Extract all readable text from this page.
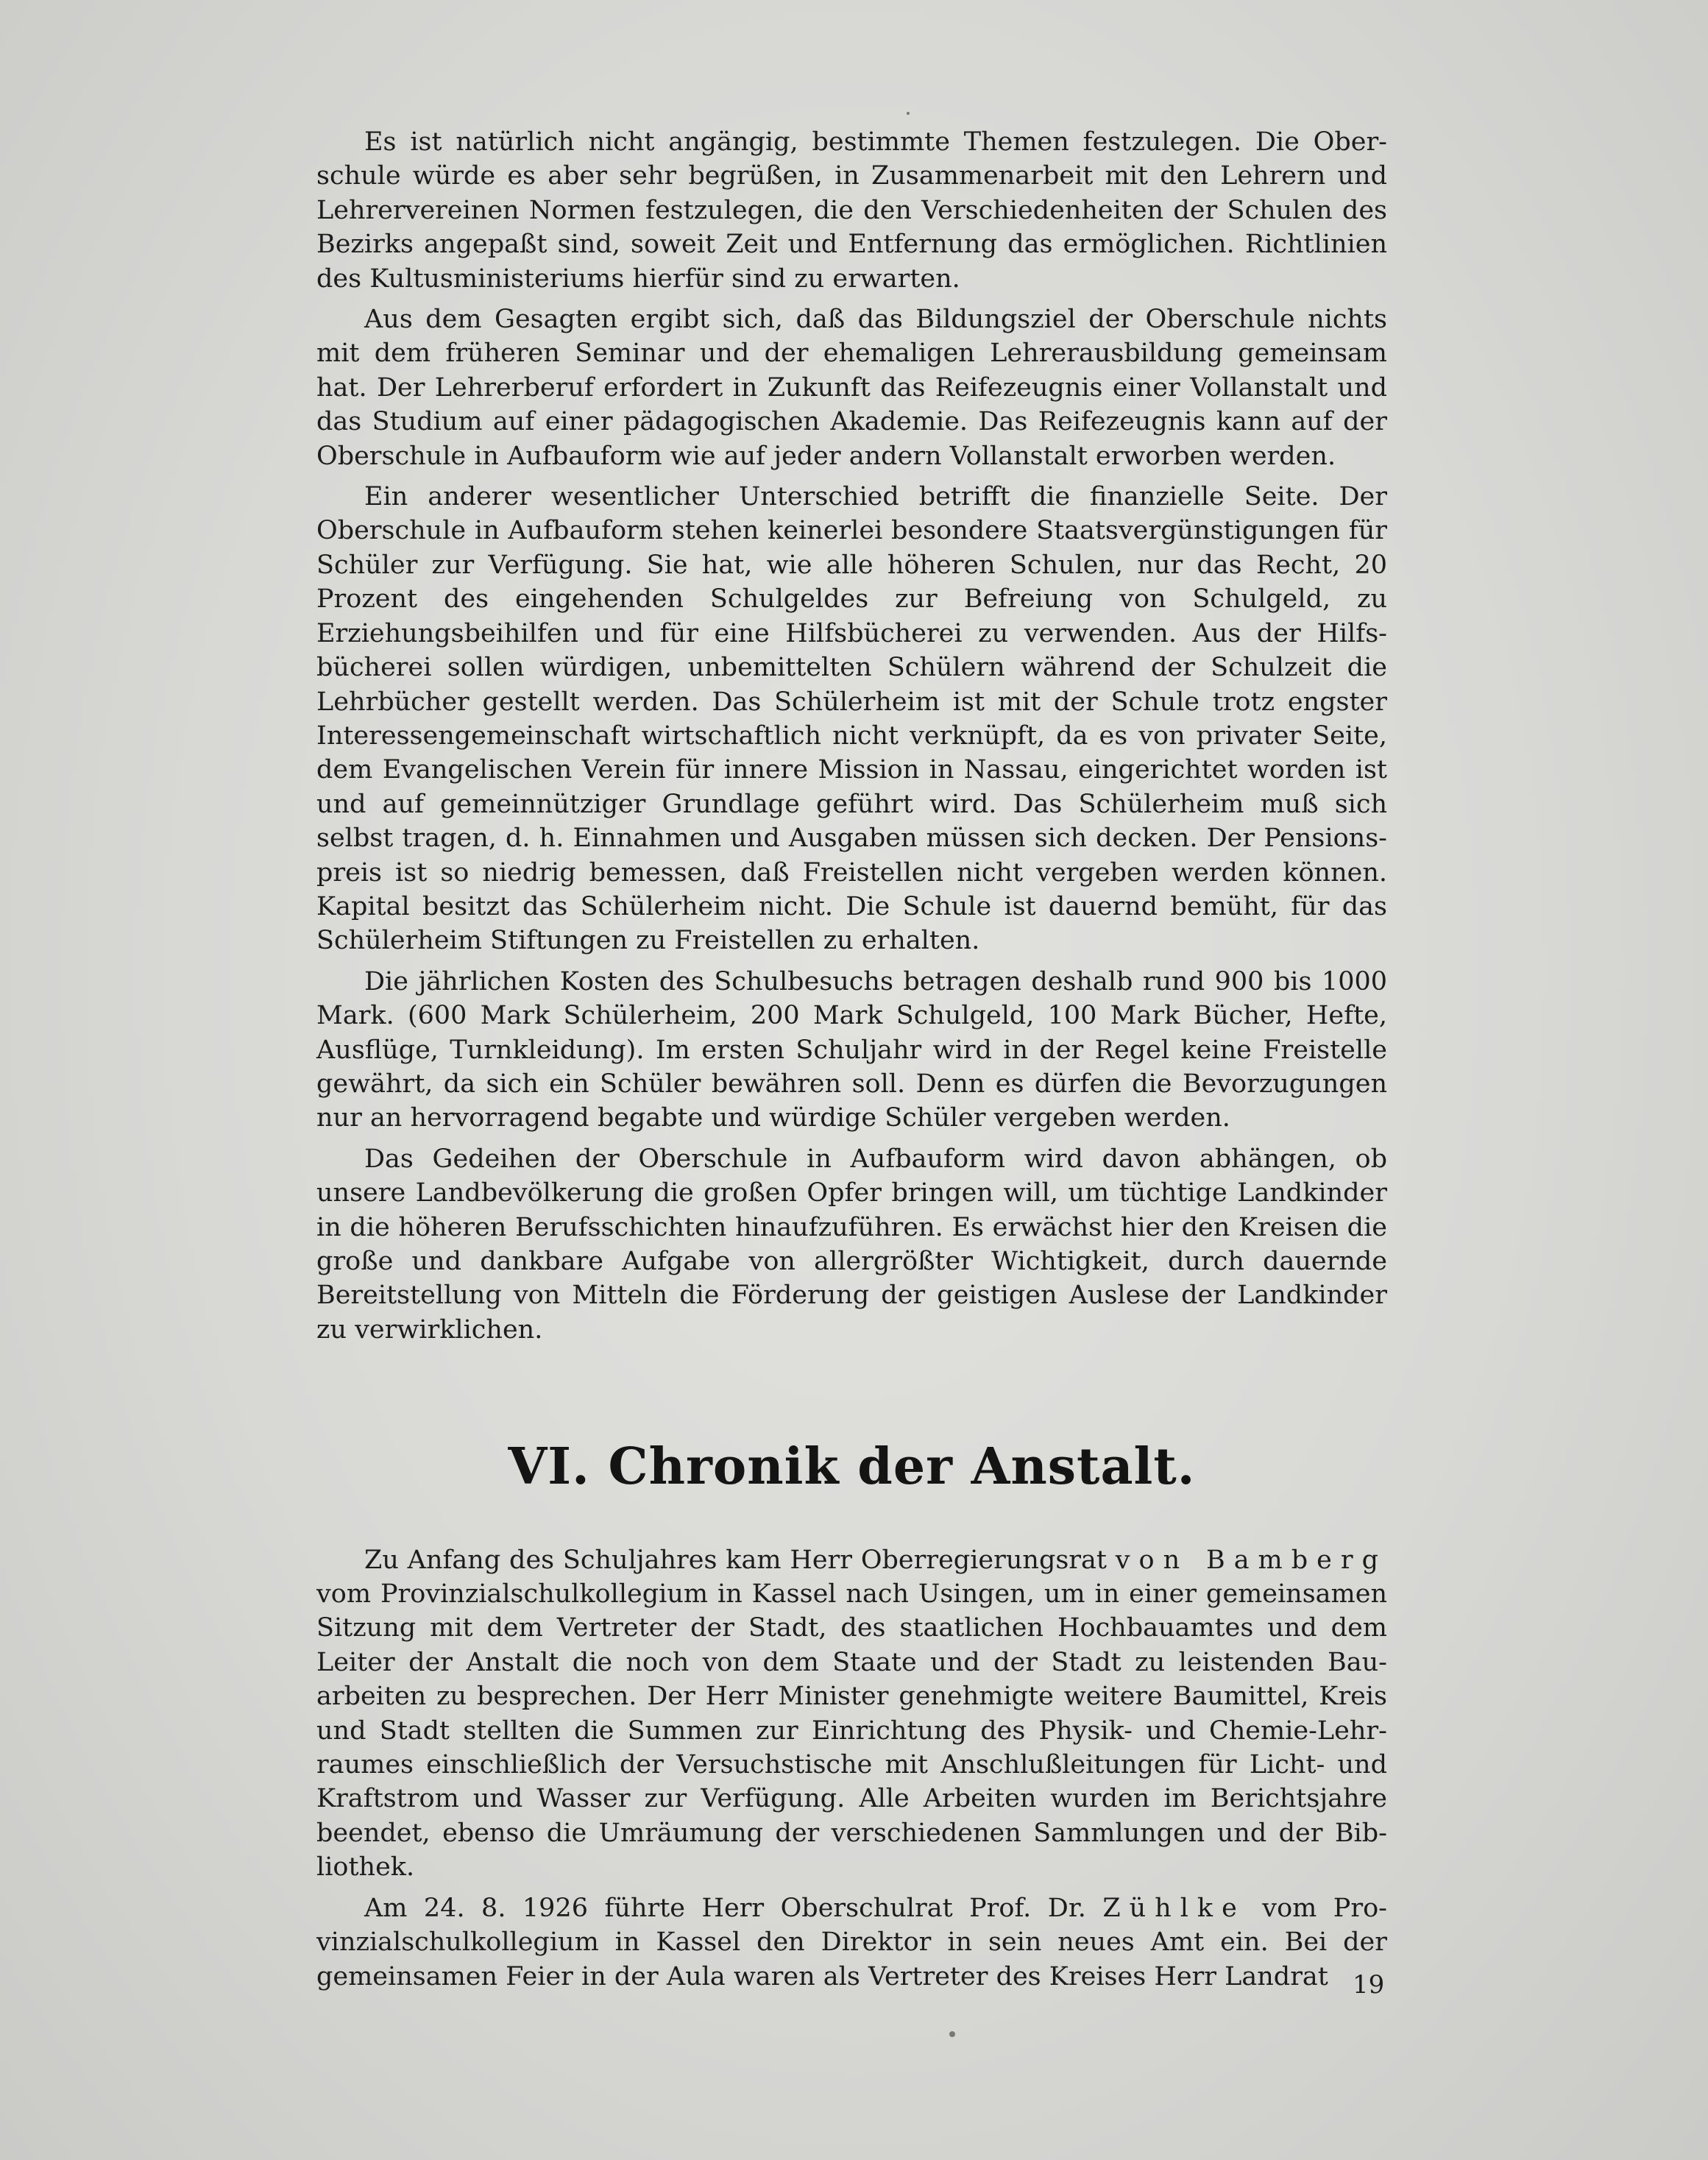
Es ist natürlich nicht angängig, bestimmte Themen festzulegen. Die Oberschule würde es aber sehr begrüßen, in Zusammenarbeit mit den Lehrern und Lehrervereinen Normen festzulegen, die den Verschiedenheiten der Schulen des Bezirks angepaßt sind, soweit Zeit und Entfernung das ermöglichen. Richtlinien des Kultusministeriums hierfür sind zu erwarten.

Aus dem Gesagten ergibt sich, daß das Bildungsziel der Oberschule nichts mit dem früheren Seminar und der ehemaligen Lehrerausbildung gemeinsam hat. Der Lehrerberuf erfordert in Zukunft das Reifezeugnis einer Vollanstalt und das Studium auf einer pädagogischen Akademie. Das Reifezeugnis kann auf der Oberschule in Aufbauform wie auf jeder andern Vollanstalt erworben werden.

Ein anderer wesentlicher Unterschied betrifft die finanzielle Seite. Der Oberschule in Aufbauform stehen keinerlei besondere Staatsvergünstigungen für Schüler zur Verfügung. Sie hat, wie alle höheren Schulen, nur das Recht, 20 Prozent des eingehenden Schulgeldes zur Befreiung von Schulgeld, zu Erziehungsbeihilfen und für eine Hilfsbücherei zu verwenden. Aus der Hilfsbücherei sollen würdigen, unbemittelten Schülern während der Schulzeit die Lehrbücher gestellt werden. Das Schülerheim ist mit der Schule trotz engster Interessengemeinschaft wirtschaftlich nicht verknüpft, da es von privater Seite, dem Evangelischen Verein für innere Mission in Nassau, eingerichtet worden ist und auf gemeinnütziger Grundlage geführt wird. Das Schülerheim muß sich selbst tragen, d. h. Einnahmen und Ausgaben müssen sich decken. Der Pensionspreis ist so niedrig bemessen, daß Freistellen nicht vergeben werden können. Kapital besitzt das Schülerheim nicht. Die Schule ist dauernd bemüht, für das Schülerheim Stiftungen zu Freistellen zu erhalten.

Die jährlichen Kosten des Schulbesuchs betragen deshalb rund 900 bis 1000 Mark. (600 Mark Schülerheim, 200 Mark Schulgeld, 100 Mark Bücher, Hefte, Ausflüge, Turnkleidung). Im ersten Schuljahr wird in der Regel keine Freistelle gewährt, da sich ein Schüler bewähren soll. Denn es dürfen die Bevorzugungen nur an hervorragend begabte und würdige Schüler vergeben werden.

Das Gedeihen der Oberschule in Aufbauform wird davon abhängen, ob unsere Landbevölkerung die großen Opfer bringen will, um tüchtige Landkinder in die höheren Berufsschichten hinaufzuführen. Es erwächst hier den Kreisen die große und dankbare Aufgabe von allergrößter Wichtigkeit, durch dauernde Bereitstellung von Mitteln die Förderung der geistigen Auslese der Landkinder zu verwirklichen.

VI. Chronik der Anstalt.

Zu Anfang des Schuljahres kam Herr Oberregierungsrat von Bamberg vom Provinzialschulkollegium in Kassel nach Usingen, um in einer gemeinsamen Sitzung mit dem Vertreter der Stadt, des staatlichen Hochbauamtes und dem Leiter der Anstalt die noch von dem Staate und der Stadt zu leistenden Bauarbeiten zu besprechen. Der Herr Minister genehmigte weitere Baumittel, Kreis und Stadt stellten die Summen zur Einrichtung des Physik- und Chemie-Lehrraumes einschließlich der Versuchstische mit Anschlußleitungen für Licht- und Kraftstrom und Wasser zur Verfügung. Alle Arbeiten wurden im Berichtsjahre beendet, ebenso die Umräumung der verschiedenen Sammlungen und der Bibliothek.

Am 24. 8. 1926 führte Herr Oberschulrat Prof. Dr. Zühlke vom Provinzialschulkollegium in Kassel den Direktor in sein neues Amt ein. Bei der gemeinsamen Feier in der Aula waren als Vertreter des Kreises Herr Landrat 19
